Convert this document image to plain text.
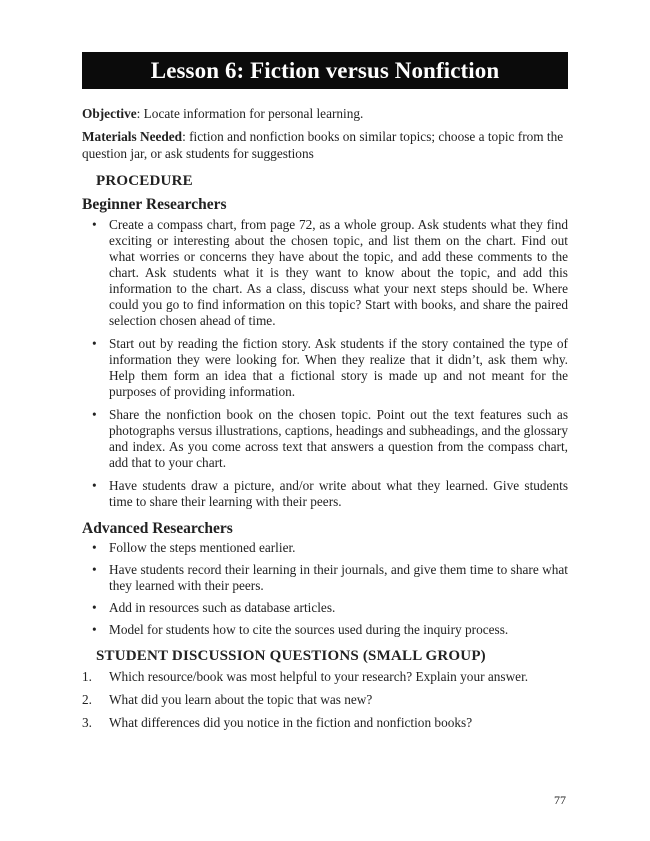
Lesson 6: Fiction versus Nonfiction

Objective: Locate information for personal learning.

Materials Needed: fiction and nonfiction books on similar topics; choose a topic from the question jar, or ask students for suggestions

PROCEDURE
Beginner Researchers
• Create a compass chart, from page 72, as a whole group. Ask students what they find exciting or interesting about the chosen topic, and list them on the chart. Find out what worries or concerns they have about the topic, and add these comments to the chart. Ask students what it is they want to know about the topic, and add this information to the chart. As a class, discuss what your next steps should be. Where could you go to find information on this topic? Start with books, and share the paired selection chosen ahead of time.
• Start out by reading the fiction story. Ask students if the story contained the type of information they were looking for. When they realize that it didn’t, ask them why. Help them form an idea that a fictional story is made up and not meant for the purposes of providing information.
• Share the nonfiction book on the chosen topic. Point out the text features such as photographs versus illustrations, captions, headings and subheadings, and the glossary and index. As you come across text that answers a question from the compass chart, add that to your chart.
• Have students draw a picture, and/or write about what they learned. Give students time to share their learning with their peers.
Advanced Researchers
• Follow the steps mentioned earlier.
• Have students record their learning in their journals, and give them time to share what they learned with their peers.
• Add in resources such as database articles.
• Model for students how to cite the sources used during the inquiry process.
STUDENT DISCUSSION QUESTIONS (SMALL GROUP)
1. Which resource/book was most helpful to your research? Explain your answer.
2. What did you learn about the topic that was new?
3. What differences did you notice in the fiction and nonfiction books?
77
